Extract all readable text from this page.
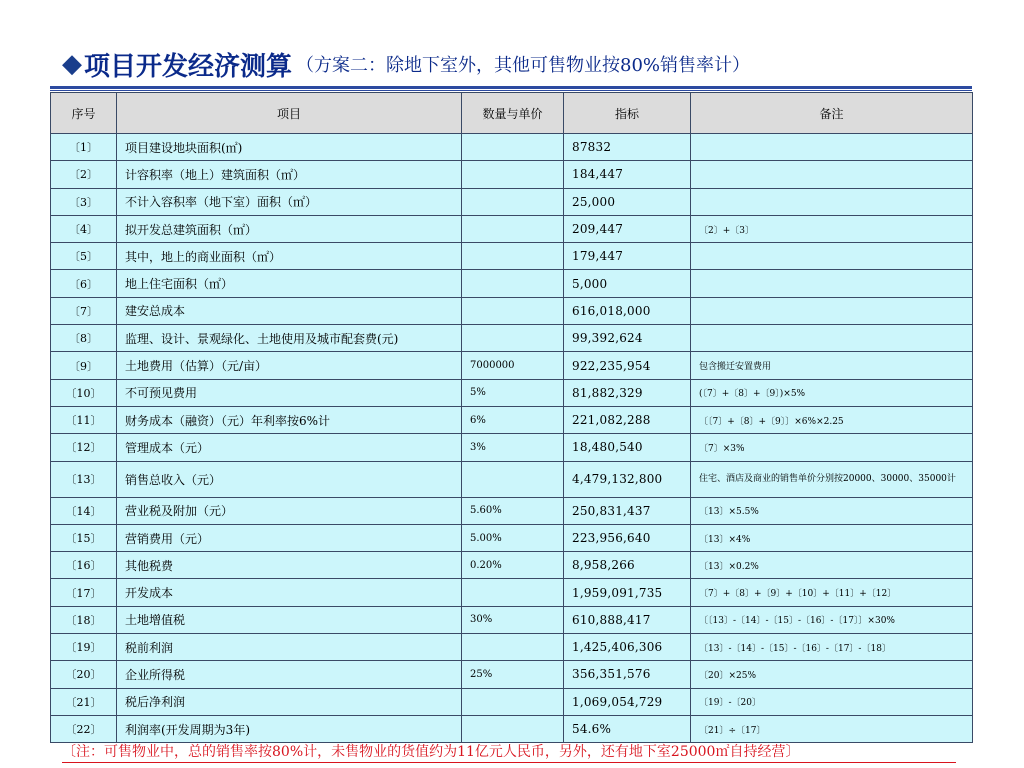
◆ 项目开发经济测算 （方案二：除地下室外，其他可售物业按80%销售率计）
序号	项目	数量与单价	指标	备注
〔1〕	项目建设地块面积(㎡)		87832	
〔2〕	计容积率（地上）建筑面积（㎡）		184,447	
〔3〕	不计入容积率（地下室）面积（㎡）		25,000	
〔4〕	拟开发总建筑面积（㎡）		209,447	〔2〕+〔3〕
〔5〕	其中，地上的商业面积（㎡）		179,447	
〔6〕	地上住宅面积（㎡）		5,000	
〔7〕	建安总成本		616,018,000	
〔8〕	监理、设计、景观绿化、土地使用及城市配套费(元)		99,392,624	
〔9〕	土地费用（估算）（元/亩）	7000000	922,235,954	包含搬迁安置费用
〔10〕	不可预见费用	5%	81,882,329	(〔7〕+〔8〕+〔9〕)×5%
〔11〕	财务成本（融资）（元）年利率按6%计	6%	221,082,288	〔〔7〕+〔8〕+〔9〕〕×6%×2.25
〔12〕	管理成本（元）	3%	18,480,540	〔7〕×3%
〔13〕	销售总收入（元）		4,479,132,800	住宅、酒店及商业的销售单价分别按20000、30000、35000计
〔14〕	营业税及附加（元）	5.60%	250,831,437	〔13〕×5.5%
〔15〕	营销费用（元）	5.00%	223,956,640	〔13〕×4%
〔16〕	其他税费	0.20%	8,958,266	〔13〕×0.2%
〔17〕	开发成本		1,959,091,735	〔7〕+〔8〕+〔9〕+〔10〕+〔11〕+〔12〕
〔18〕	土地增值税	30%	610,888,417	〔〔13〕-〔14〕-〔15〕-〔16〕-〔17〕〕×30%
〔19〕	税前利润		1,425,406,306	〔13〕-〔14〕-〔15〕-〔16〕-〔17〕-〔18〕
〔20〕	企业所得税	25%	356,351,576	〔20〕×25%
〔21〕	税后净利润		1,069,054,729	〔19〕-〔20〕
〔22〕	利润率(开发周期为3年)		54.6%	〔21〕÷〔17〕
〔注：可售物业中，总的销售率按80%计，未售物业的货值约为11亿元人民币，另外，还有地下室25000㎡自持经营〕
